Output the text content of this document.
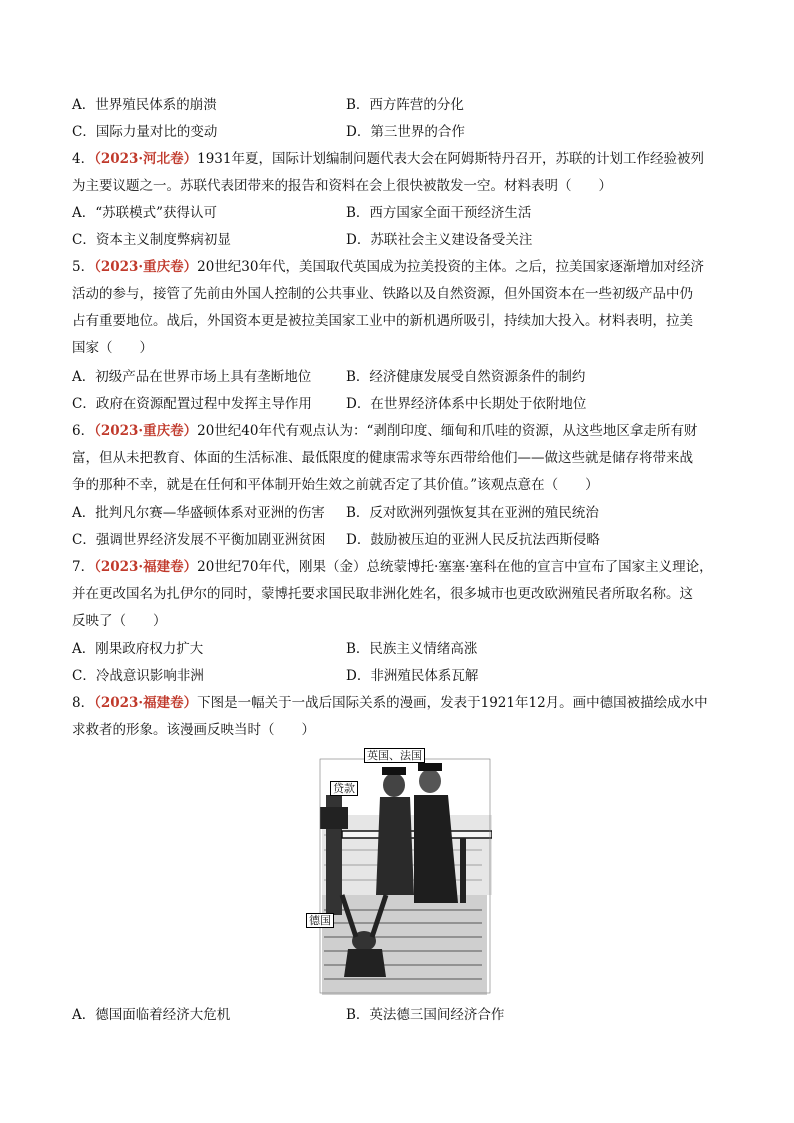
A．世界殖民体系的崩溃	B．西方阵营的分化
C．国际力量对比的变动	D．第三世界的合作
4．（2023·河北卷）1931年夏，国际计划编制问题代表大会在阿姆斯特丹召开，苏联的计划工作经验被列
为主要议题之一。苏联代表团带来的报告和资料在会上很快被散发一空。材料表明（　　）
A．“苏联模式”获得认可	B．西方国家全面干预经济生活
C．资本主义制度弊病初显	D．苏联社会主义建设备受关注
5．（2023·重庆卷）20世纪30年代，美国取代英国成为拉美投资的主体。之后，拉美国家逐渐增加对经济
活动的参与，接管了先前由外国人控制的公共事业、铁路以及自然资源，但外国资本在一些初级产品中仍
占有重要地位。战后，外国资本更是被拉美国家工业中的新机遇所吸引，持续加大投入。材料表明，拉美
国家（　　）
A．初级产品在世界市场上具有垄断地位	B．经济健康发展受自然资源条件的制约
C．政府在资源配置过程中发挥主导作用	D．在世界经济体系中长期处于依附地位
6．（2023·重庆卷）20世纪40年代有观点认为：“剥削印度、缅甸和爪哇的资源，从这些地区拿走所有财
富，但从未把教育、体面的生活标准、最低限度的健康需求等东西带给他们——做这些就是储存将带来战
争的那种不幸，就是在任何和平体制开始生效之前就否定了其价值。”该观点意在（　　）
A．批判凡尔赛—华盛顿体系对亚洲的伤害 B．反对欧洲列强恢复其在亚洲的殖民统治
C．强调世界经济发展不平衡加剧亚洲贫困 D．鼓励被压迫的亚洲人民反抗法西斯侵略
7．（2023·福建卷）20世纪70年代，刚果（金）总统蒙博托·塞塞·塞科在他的宣言中宣布了国家主义理论，
并在更改国名为扎伊尔的同时，蒙博托要求国民取非洲化姓名，很多城市也更改欧洲殖民者所取名称。这
反映了（　　）
A．刚果政府权力扩大	B．民族主义情绪高涨
C．冷战意识影响非洲	D．非洲殖民体系瓦解
8．（2023·福建卷）下图是一幅关于一战后国际关系的漫画，发表于1921年12月。画中德国被描绘成水中
求救者的形象。该漫画反映当时（　　）
英国、法国
贷款
德国
A．德国面临着经济大危机	B．英法德三国间经济合作
